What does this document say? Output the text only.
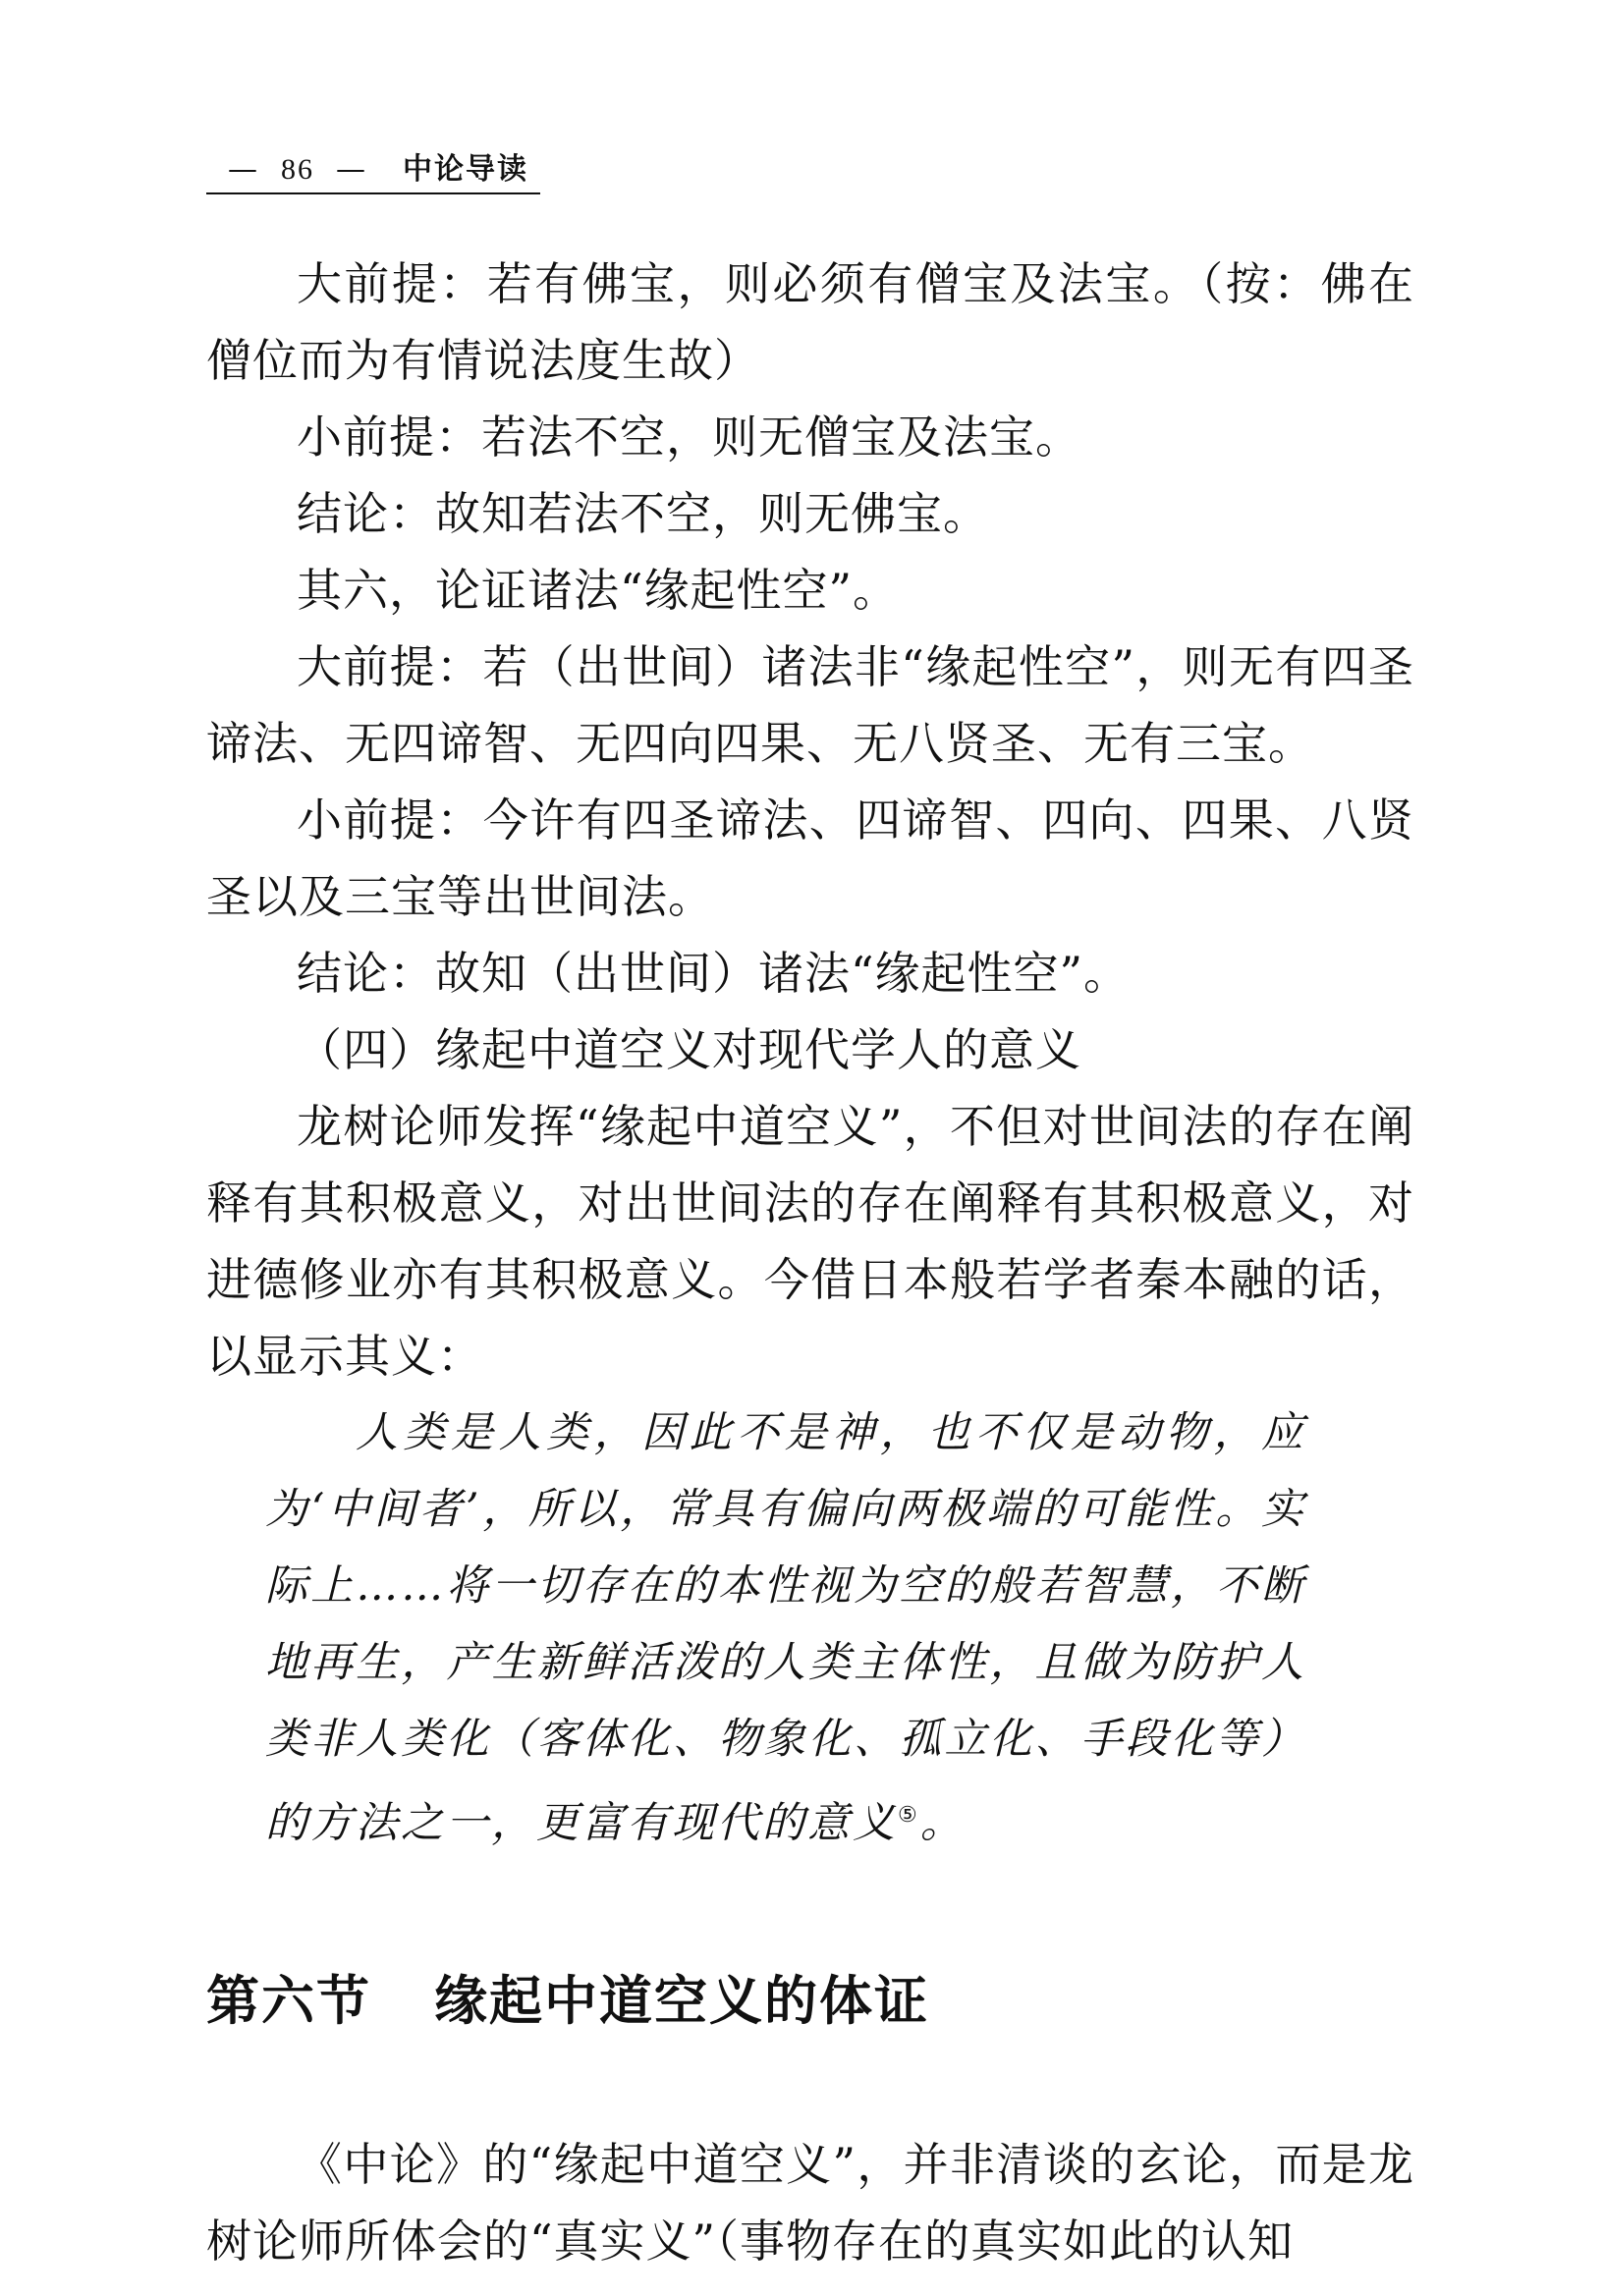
— 86 — 中论导读

大前提：若有佛宝，则必须有僧宝及法宝。（按：佛在僧位而为有情说法度生故）

小前提：若法不空，则无僧宝及法宝。

结论：故知若法不空，则无佛宝。

其六，论证诸法“缘起性空”。

大前提：若（出世间）诸法非“缘起性空”，则无有四圣谛法、无四谛智、无四向四果、无八贤圣、无有三宝。

小前提：今许有四圣谛法、四谛智、四向、四果、八贤圣以及三宝等出世间法。

结论：故知（出世间）诸法“缘起性空”。

（四）缘起中道空义对现代学人的意义

龙树论师发挥“缘起中道空义”，不但对世间法的存在阐释有其积极意义，对出世间法的存在阐释有其积极意义，对进德修业亦有其积极意义。今借日本般若学者秦本融的话，以显示其义：

人类是人类，因此不是神，也不仅是动物，应为‘中间者’，所以，常具有偏向两极端的可能性。实际上……将一切存在的本性视为空的般若智慧，不断地再生，产生新鲜活泼的人类主体性，且做为防护人类非人类化（客体化、物象化、孤立化、手段化等）的方法之一，更富有现代的意义⑤。

第六节 缘起中道空义的体证

《中论》的“缘起中道空义”，并非清谈的玄论，而是龙树论师所体会的“真实义”（事物存在的真实如此的认知
